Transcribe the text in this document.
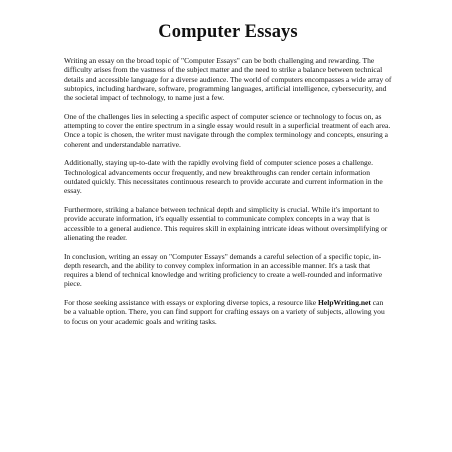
Computer Essays

Writing an essay on the broad topic of "Computer Essays" can be both challenging and rewarding. The difficulty arises from the vastness of the subject matter and the need to strike a balance between technical details and accessible language for a diverse audience. The world of computers encompasses a wide array of subtopics, including hardware, software, programming languages, artificial intelligence, cybersecurity, and the societal impact of technology, to name just a few.

One of the challenges lies in selecting a specific aspect of computer science or technology to focus on, as attempting to cover the entire spectrum in a single essay would result in a superficial treatment of each area. Once a topic is chosen, the writer must navigate through the complex terminology and concepts, ensuring a coherent and understandable narrative.

Additionally, staying up-to-date with the rapidly evolving field of computer science poses a challenge. Technological advancements occur frequently, and new breakthroughs can render certain information outdated quickly. This necessitates continuous research to provide accurate and current information in the essay.

Furthermore, striking a balance between technical depth and simplicity is crucial. While it's important to provide accurate information, it's equally essential to communicate complex concepts in a way that is accessible to a general audience. This requires skill in explaining intricate ideas without oversimplifying or alienating the reader.

In conclusion, writing an essay on "Computer Essays" demands a careful selection of a specific topic, in-depth research, and the ability to convey complex information in an accessible manner. It's a task that requires a blend of technical knowledge and writing proficiency to create a well-rounded and informative piece.

For those seeking assistance with essays or exploring diverse topics, a resource like HelpWriting.net can be a valuable option. There, you can find support for crafting essays on a variety of subjects, allowing you to focus on your academic goals and writing tasks.
